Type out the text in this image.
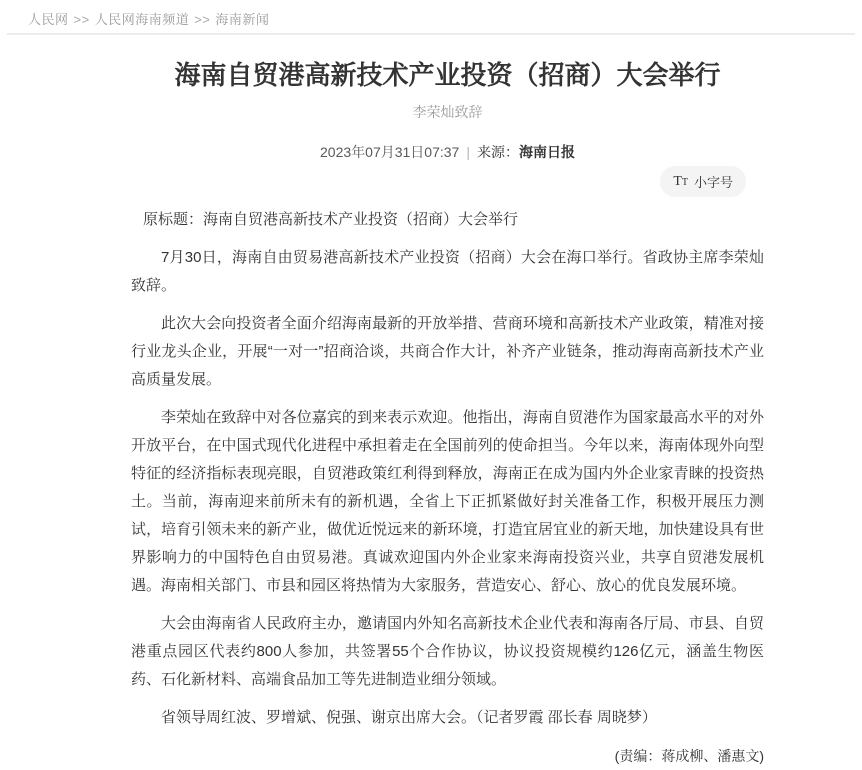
人民网 >> 人民网海南频道 >> 海南新闻
海南自贸港高新技术产业投资（招商）大会举行
李荣灿致辞
2023年07月31日07:37 | 来源：海南日报
T T 小字号

原标题：海南自贸港高新技术产业投资（招商）大会举行

7月30日，海南自由贸易港高新技术产业投资（招商）大会在海口举行。省政协主席李荣灿致辞。

此次大会向投资者全面介绍海南最新的开放举措、营商环境和高新技术产业政策，精准对接行业龙头企业，开展“一对一”招商洽谈，共商合作大计，补齐产业链条，推动海南高新技术产业高质量发展。

李荣灿在致辞中对各位嘉宾的到来表示欢迎。他指出，海南自贸港作为国家最高水平的对外开放平台，在中国式现代化进程中承担着走在全国前列的使命担当。今年以来，海南体现外向型特征的经济指标表现亮眼，自贸港政策红利得到释放，海南正在成为国内外企业家青睐的投资热土。当前，海南迎来前所未有的新机遇，全省上下正抓紧做好封关准备工作，积极开展压力测试，培育引领未来的新产业，做优近悦远来的新环境，打造宜居宜业的新天地，加快建设具有世界影响力的中国特色自由贸易港。真诚欢迎国内外企业家来海南投资兴业，共享自贸港发展机遇。海南相关部门、市县和园区将热情为大家服务，营造安心、舒心、放心的优良发展环境。

大会由海南省人民政府主办，邀请国内外知名高新技术企业代表和海南各厅局、市县、自贸港重点园区代表约800人参加，共签署55个合作协议，协议投资规模约126亿元，涵盖生物医药、石化新材料、高端食品加工等先进制造业细分领域。

省领导周红波、罗增斌、倪强、谢京出席大会。（记者罗霞 邵长春 周晓梦）

(责编：蒋成柳、潘惠文)
